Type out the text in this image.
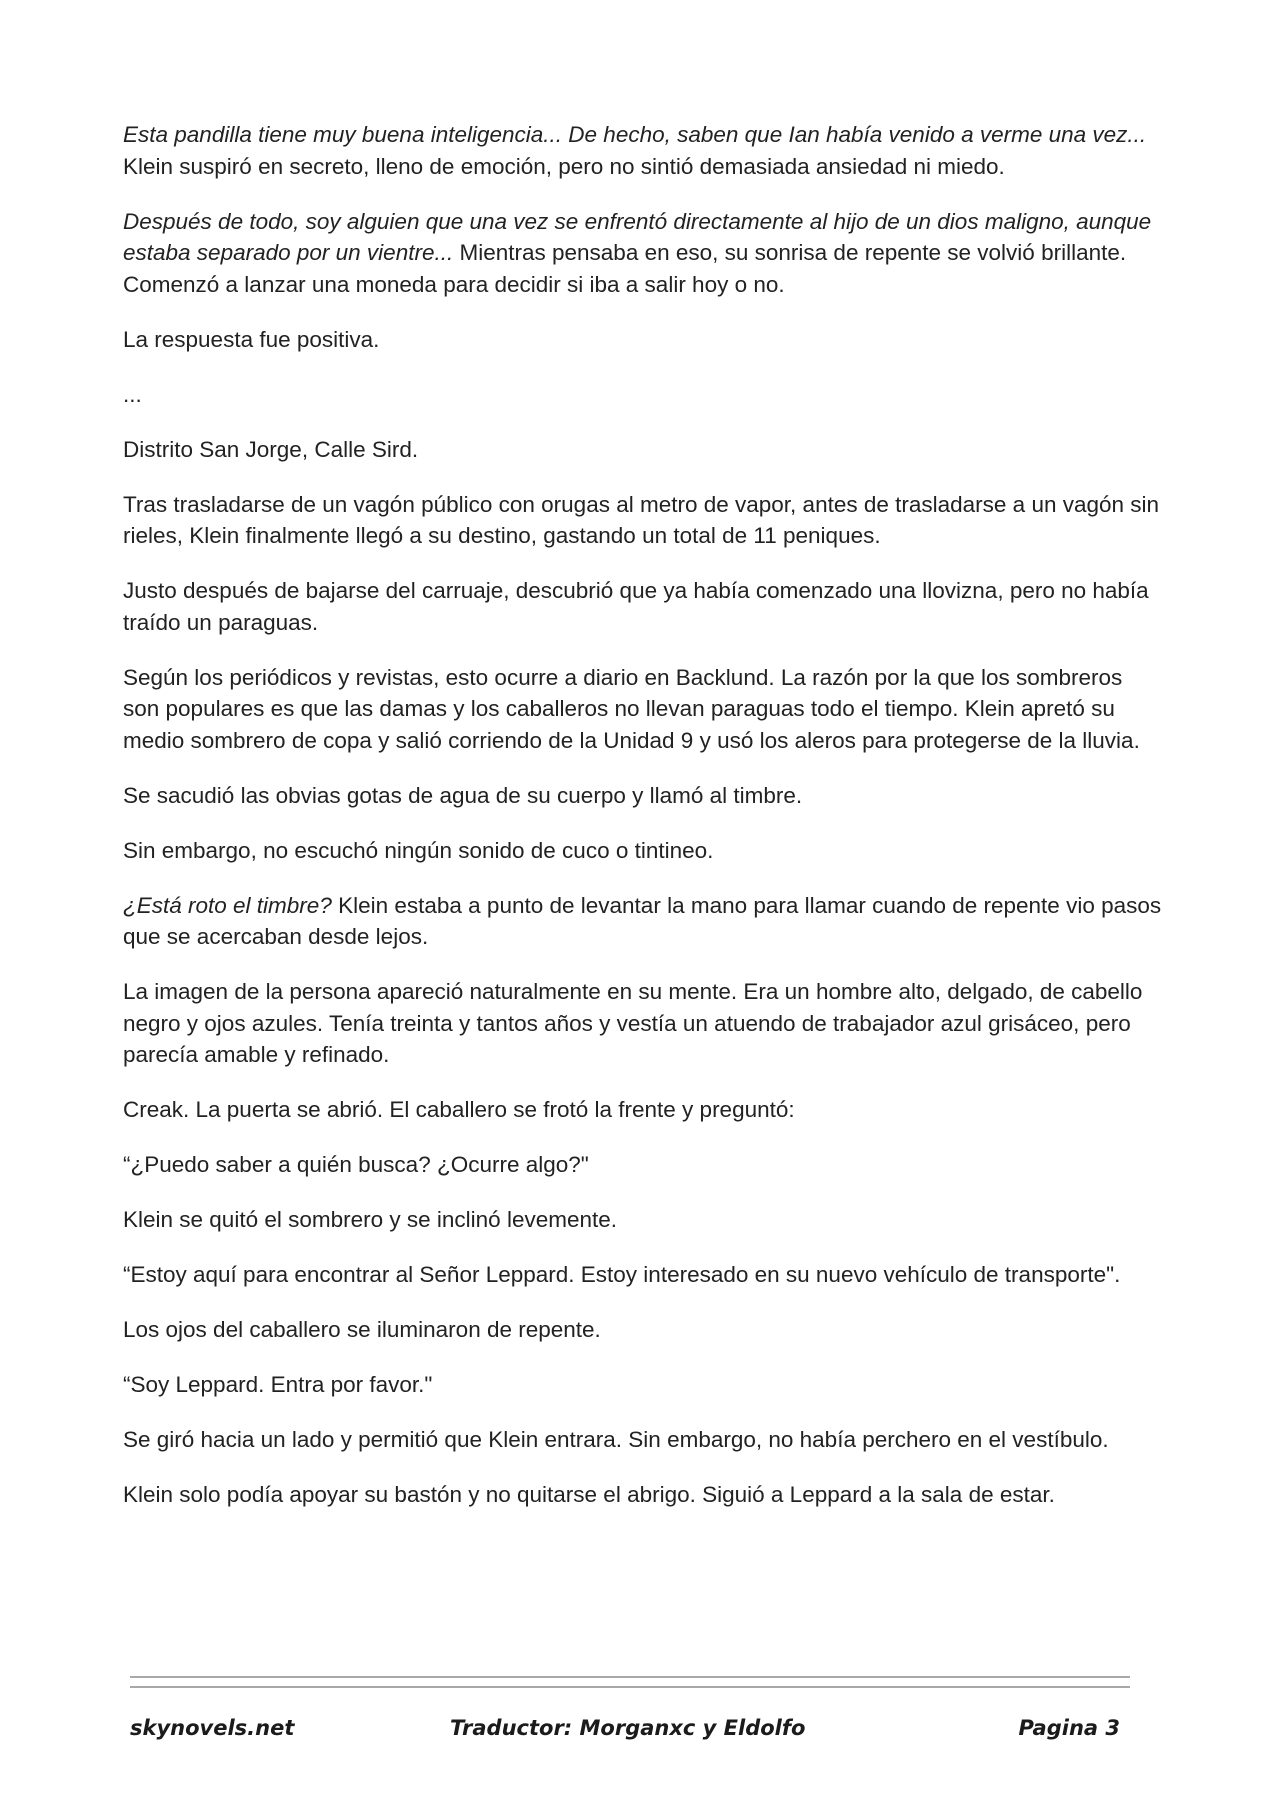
Esta pandilla tiene muy buena inteligencia... De hecho, saben que Ian había venido a verme una vez... Klein suspiró en secreto, lleno de emoción, pero no sintió demasiada ansiedad ni miedo.

Después de todo, soy alguien que una vez se enfrentó directamente al hijo de un dios maligno, aunque estaba separado por un vientre... Mientras pensaba en eso, su sonrisa de repente se volvió brillante. Comenzó a lanzar una moneda para decidir si iba a salir hoy o no.

La respuesta fue positiva.

...

Distrito San Jorge, Calle Sird.

Tras trasladarse de un vagón público con orugas al metro de vapor, antes de trasladarse a un vagón sin rieles, Klein finalmente llegó a su destino, gastando un total de 11 peniques.

Justo después de bajarse del carruaje, descubrió que ya había comenzado una llovizna, pero no había traído un paraguas.

Según los periódicos y revistas, esto ocurre a diario en Backlund. La razón por la que los sombreros son populares es que las damas y los caballeros no llevan paraguas todo el tiempo. Klein apretó su medio sombrero de copa y salió corriendo de la Unidad 9 y usó los aleros para protegerse de la lluvia.

Se sacudió las obvias gotas de agua de su cuerpo y llamó al timbre.

Sin embargo, no escuchó ningún sonido de cuco o tintineo.

¿Está roto el timbre? Klein estaba a punto de levantar la mano para llamar cuando de repente vio pasos que se acercaban desde lejos.

La imagen de la persona apareció naturalmente en su mente. Era un hombre alto, delgado, de cabello negro y ojos azules. Tenía treinta y tantos años y vestía un atuendo de trabajador azul grisáceo, pero parecía amable y refinado.

Creak. La puerta se abrió. El caballero se frotó la frente y preguntó:

“¿Puedo saber a quién busca? ¿Ocurre algo?"

Klein se quitó el sombrero y se inclinó levemente.

“Estoy aquí para encontrar al Señor Leppard. Estoy interesado en su nuevo vehículo de transporte".

Los ojos del caballero se iluminaron de repente.

“Soy Leppard. Entra por favor."

Se giró hacia un lado y permitió que Klein entrara. Sin embargo, no había perchero en el vestíbulo.

Klein solo podía apoyar su bastón y no quitarse el abrigo. Siguió a Leppard a la sala de estar.

skynovels.net	Traductor: Morganxc y Eldolfo	Pagina 3
